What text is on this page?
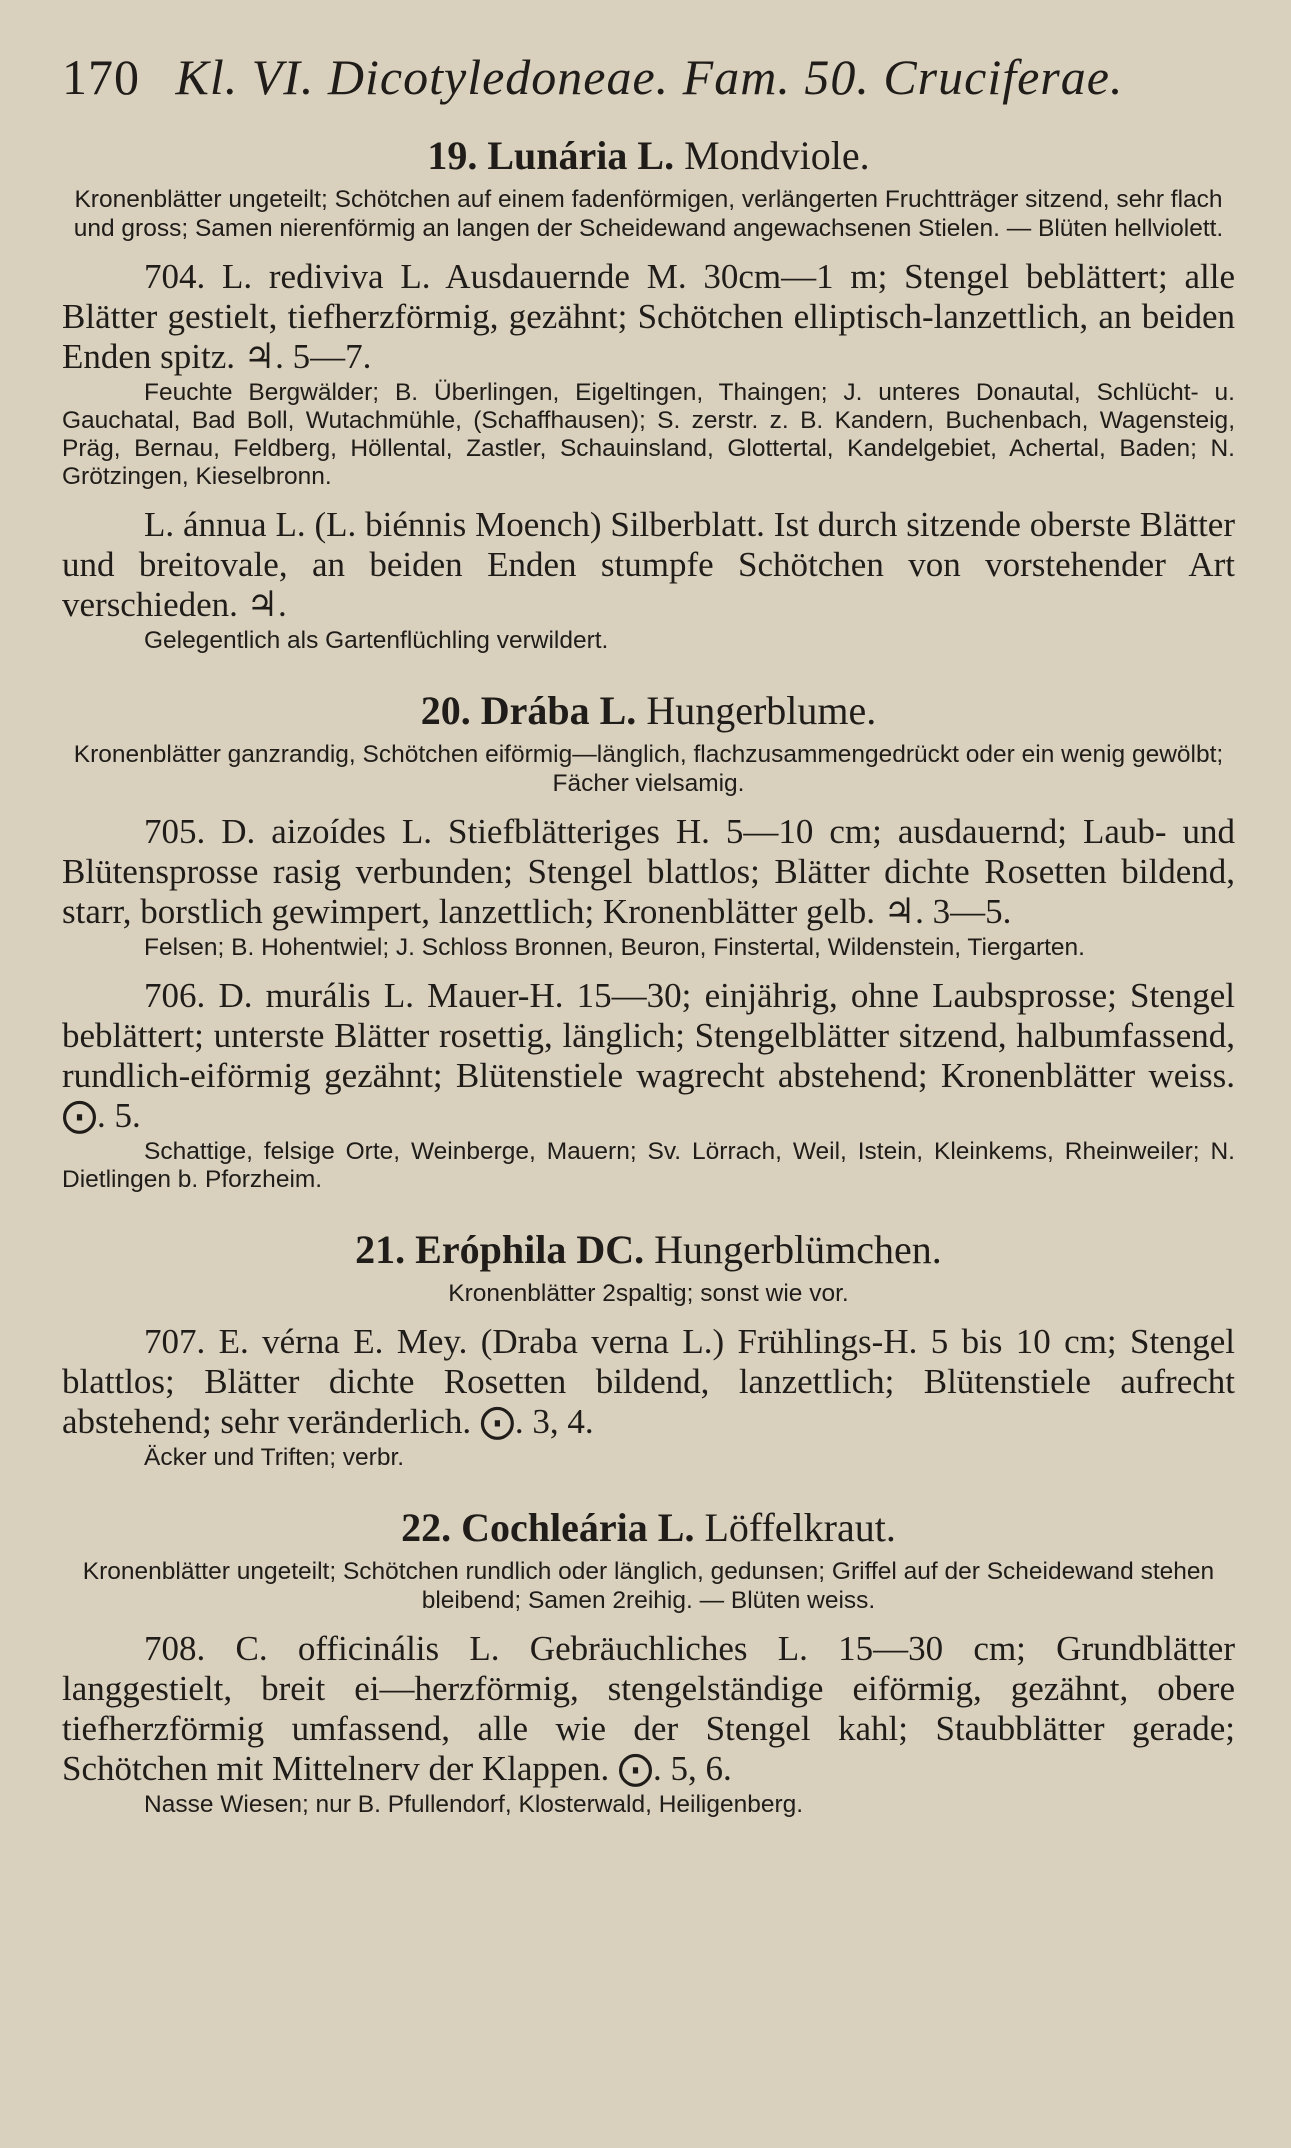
170 Kl. VI. Dicotyledoneae. Fam. 50. Cruciferae.
19. Lunária L. Mondviole.

Kronenblätter ungeteilt; Schötchen auf einem fadenförmigen, verlängerten Fruchtträger sitzend, sehr flach und gross; Samen nierenförmig an langen der Scheidewand angewachsenen Stielen. — Blüten hellviolett.

704. L. rediviva L. Ausdauernde M. 30cm—1 m; Stengel beblättert; alle Blätter gestielt, tiefherzförmig, gezähnt; Schötchen elliptisch-lanzettlich, an beiden Enden spitz. ♃. 5—7.

Feuchte Bergwälder; B. Überlingen, Eigeltingen, Thaingen; J. unteres Donautal, Schlücht- u. Gauchatal, Bad Boll, Wutachmühle, (Schaffhausen); S. zerstr. z. B. Kandern, Buchenbach, Wagensteig, Präg, Bernau, Feldberg, Höllental, Zastler, Schauinsland, Glottertal, Kandelgebiet, Achertal, Baden; N. Grötzingen, Kieselbronn.

L. ánnua L. (L. biénnis Moench) Silberblatt. Ist durch sitzende oberste Blätter und breitovale, an beiden Enden stumpfe Schötchen von vorstehender Art verschieden. ♃.

Gelegentlich als Gartenflüchling verwildert.

20. Drába L. Hungerblume.

Kronenblätter ganzrandig, Schötchen eiförmig—länglich, flachzusammengedrückt oder ein wenig gewölbt; Fächer vielsamig.

705. D. aizoídes L. Stiefblätteriges H. 5—10 cm; ausdauernd; Laub- und Blütensprosse rasig verbunden; Stengel blattlos; Blätter dichte Rosetten bildend, starr, borstlich gewimpert, lanzettlich; Kronenblätter gelb. ♃. 3—5.

Felsen; B. Hohentwiel; J. Schloss Bronnen, Beuron, Finstertal, Wildenstein, Tiergarten.

706. D. murális L. Mauer-H. 15—30; einjährig, ohne Laubsprosse; Stengel beblättert; unterste Blätter rosettig, länglich; Stengelblätter sitzend, halbumfassend, rundlich-eiförmig gezähnt; Blütenstiele wagrecht abstehend; Kronenblätter weiss. ⨀. 5.

Schattige, felsige Orte, Weinberge, Mauern; Sv. Lörrach, Weil, Istein, Kleinkems, Rheinweiler; N. Dietlingen b. Pforzheim.

21. Eróphila DC. Hungerblümchen.

Kronenblätter 2spaltig; sonst wie vor.

707. E. vérna E. Mey. (Draba verna L.) Frühlings-H. 5 bis 10 cm; Stengel blattlos; Blätter dichte Rosetten bildend, lanzettlich; Blütenstiele aufrecht abstehend; sehr veränderlich. ⨀. 3, 4.

Äcker und Triften; verbr.

22. Cochleária L. Löffelkraut.

Kronenblätter ungeteilt; Schötchen rundlich oder länglich, gedunsen; Griffel auf der Scheidewand stehen bleibend; Samen 2reihig. — Blüten weiss.

708. C. officinális L. Gebräuchliches L. 15—30 cm; Grundblätter langgestielt, breit ei—herzförmig, stengelständige eiförmig, gezähnt, obere tiefherzförmig umfassend, alle wie der Stengel kahl; Staubblätter gerade; Schötchen mit Mittelnerv der Klappen. ⨀. 5, 6.

Nasse Wiesen; nur B. Pfullendorf, Klosterwald, Heiligenberg.
